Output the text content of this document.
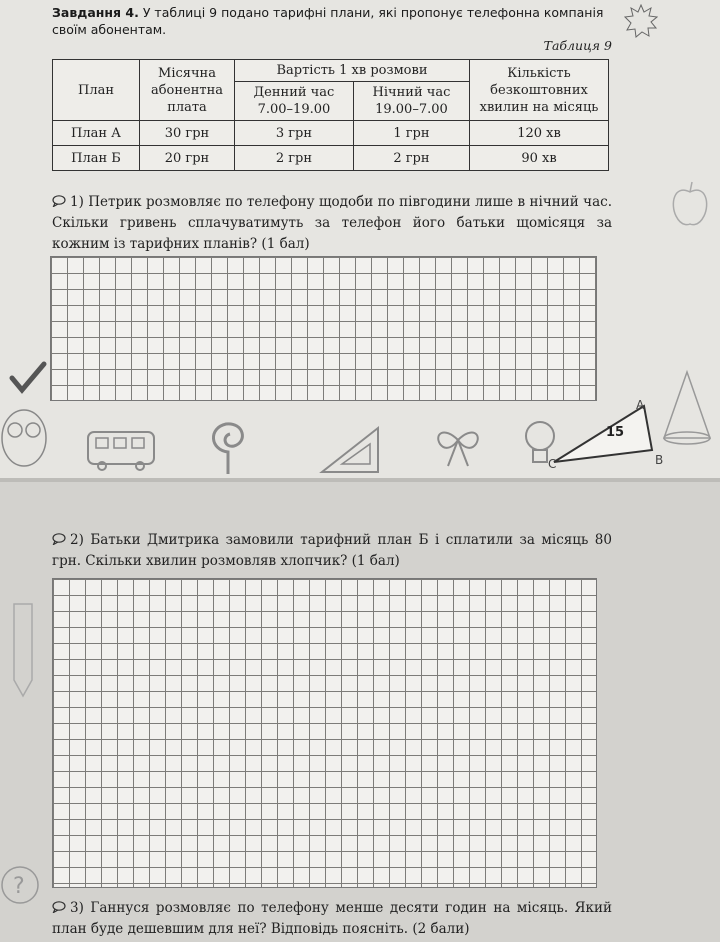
Завдання 4. У таблиці 9 подано тарифні плани, які пропонує телефонна компанія своїм абонентам.
Таблиця 9
План	Місячна абонентна плата	Вартість 1 хв розмови		Кількість безкоштовних хвилин на місяць
		Денний час 7.00–19.00	Нічний час 19.00–7.00	
План А	30 грн	3 грн	1 грн	120 хв
План Б	20 грн	2 грн	2 грн	90 хв
1) Петрик розмовляє по телефону щодоби по півгодини лише в нічний час. Скільки гривень сплачуватимуть за телефон його батьки щомісяця за кожним із тарифних планів? (1 бал)
15
A
B
C
2) Батьки Дмитрика замовили тарифний план Б і сплатили за місяць 80 грн. Скільки хвилин розмовляв хлопчик? (1 бал)
?
3) Ганнуся розмовляє по телефону менше десяти годин на місяць. Який план буде дешевшим для неї? Відповідь поясніть. (2 бали)
